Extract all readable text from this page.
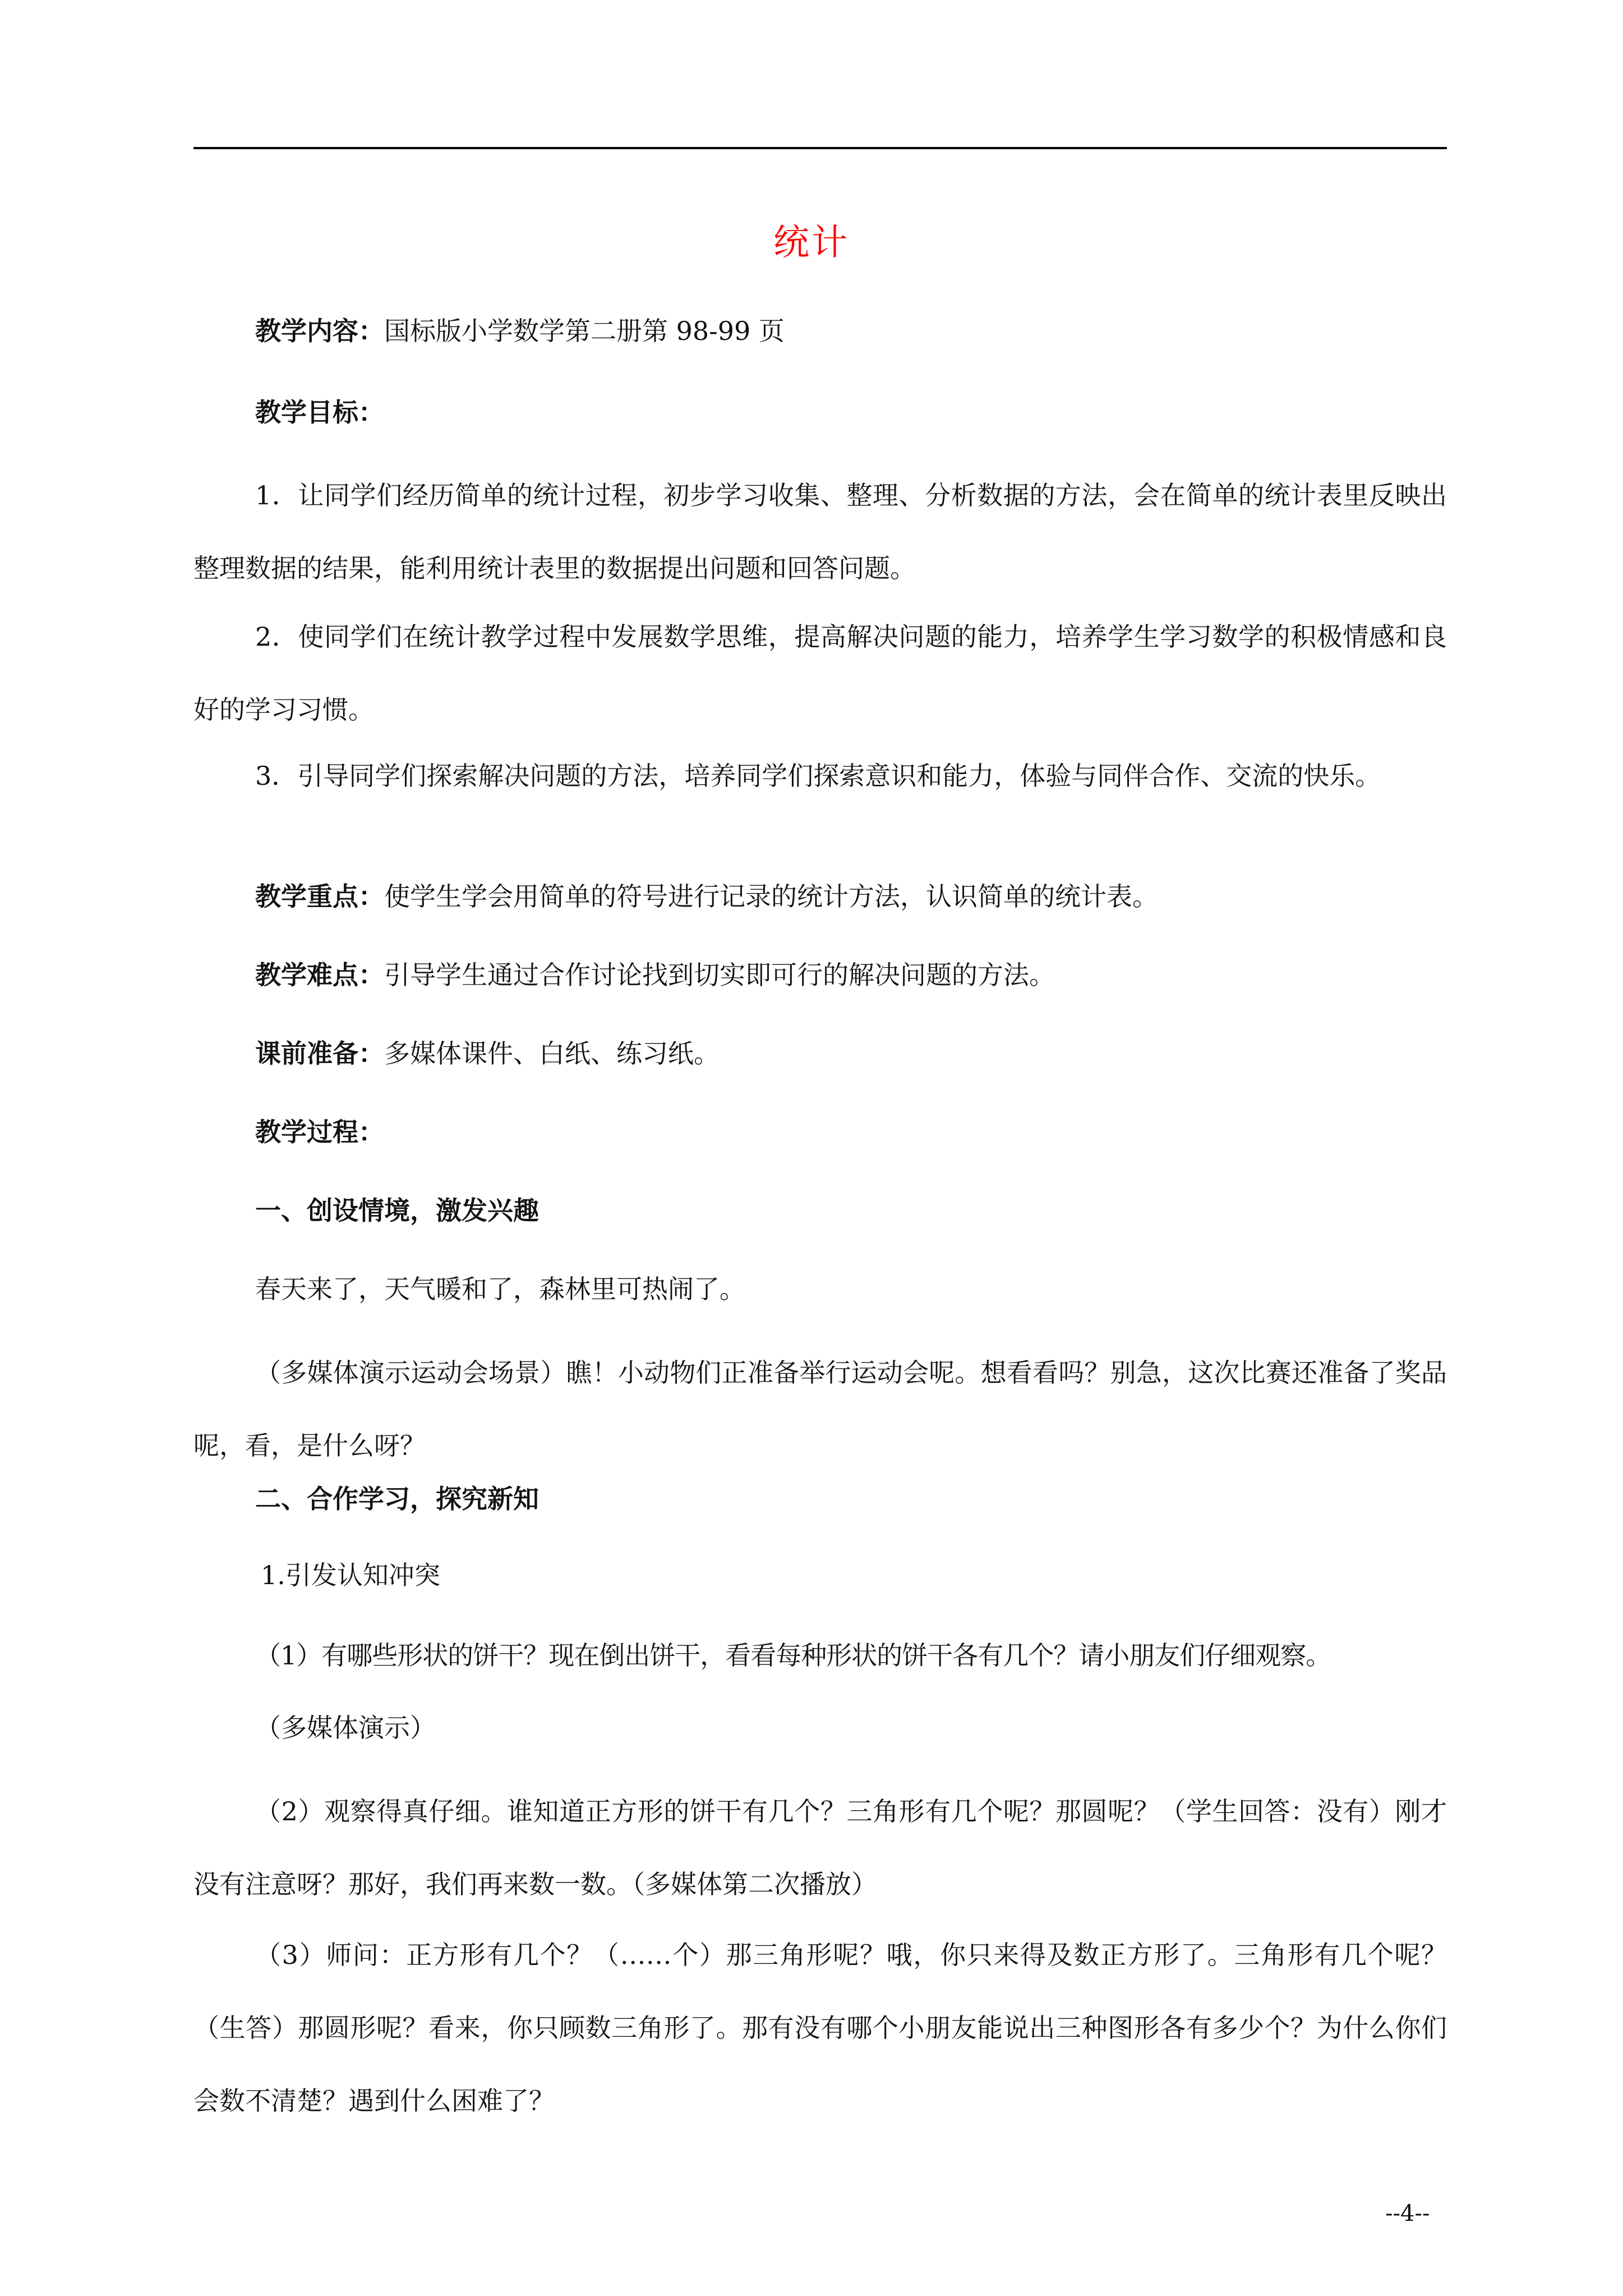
统计
教学内容：国标版小学数学第二册第 98-99 页
教学目标：
1．让同学们经历简单的统计过程，初步学习收集、整理、分析数据的方法，会在简单的统计表里反映出整理数据的结果，能利用统计表里的数据提出问题和回答问题。
2．使同学们在统计教学过程中发展数学思维，提高解决问题的能力，培养学生学习数学的积极情感和良好的学习习惯。
3．引导同学们探索解决问题的方法，培养同学们探索意识和能力，体验与同伴合作、交流的快乐。
教学重点：使学生学会用简单的符号进行记录的统计方法，认识简单的统计表。
教学难点：引导学生通过合作讨论找到切实即可行的解决问题的方法。
课前准备：多媒体课件、白纸、练习纸。
教学过程：
一、创设情境，激发兴趣
春天来了，天气暖和了，森林里可热闹了。
（多媒体演示运动会场景）瞧！小动物们正准备举行运动会呢。想看看吗？别急，这次比赛还准备了奖品呢，看，是什么呀？
二、合作学习，探究新知
1.引发认知冲突
（1）有哪些形状的饼干？现在倒出饼干，看看每种形状的饼干各有几个？请小朋友们仔细观察。
（多媒体演示）
（2）观察得真仔细。谁知道正方形的饼干有几个？三角形有几个呢？那圆呢？（学生回答：没有）刚才没有注意呀？那好，我们再来数一数。（多媒体第二次播放）
（3）师问：正方形有几个？（……个）那三角形呢？哦，你只来得及数正方形了。三角形有几个呢？（生答）那圆形呢？看来，你只顾数三角形了。那有没有哪个小朋友能说出三种图形各有多少个？为什么你们会数不清楚？遇到什么困难了？
--4--
